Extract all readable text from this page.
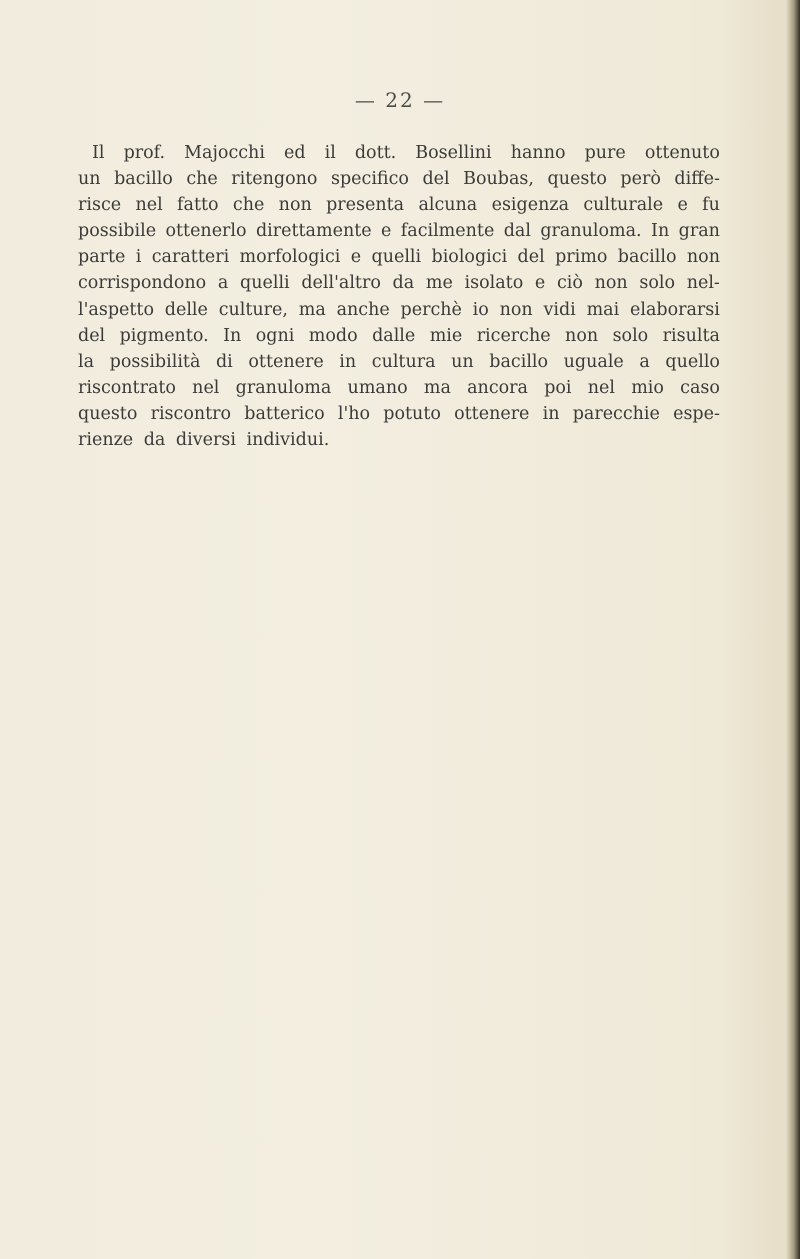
— 22 —
Il prof. Majocchi ed il dott. Bosellini hanno pure ottenuto
un bacillo che ritengono specifico del Boubas, questo però diffe-
risce nel fatto che non presenta alcuna esigenza culturale e fu
possibile ottenerlo direttamente e facilmente dal granuloma. In gran
parte i caratteri morfologici e quelli biologici del primo bacillo non
corrispondono a quelli dell'altro da me isolato e ciò non solo nel-
l'aspetto delle culture, ma anche perchè io non vidi mai elaborarsi
del pigmento. In ogni modo dalle mie ricerche non solo risulta
la possibilità di ottenere in cultura un bacillo uguale a quello
riscontrato nel granuloma umano ma ancora poi nel mio caso
questo riscontro batterico l'ho potuto ottenere in parecchie espe-
rienze da diversi individui.
